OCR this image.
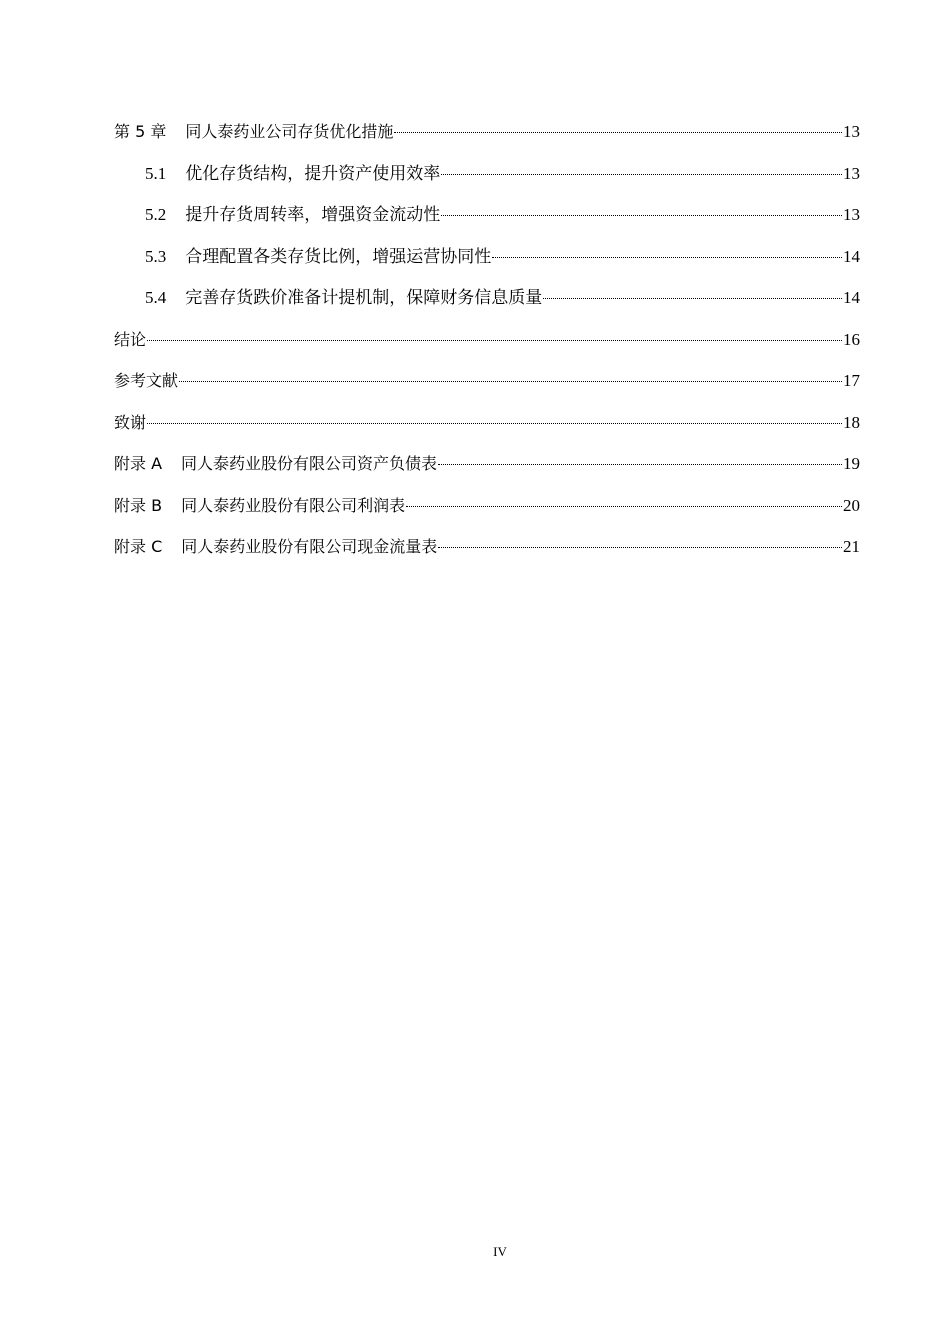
第 5 章 同人泰药业公司存货优化措施	13
5.1 优化存货结构，提升资产使用效率	13
5.2 提升存货周转率，增强资金流动性	13
5.3 合理配置各类存货比例，增强运营协同性	14
5.4 完善存货跌价准备计提机制，保障财务信息质量	14
结论	16
参考文献	17
致谢	18
附录 A 同人泰药业股份有限公司资产负债表	19
附录 B 同人泰药业股份有限公司利润表	20
附录 C 同人泰药业股份有限公司现金流量表	21
IV
